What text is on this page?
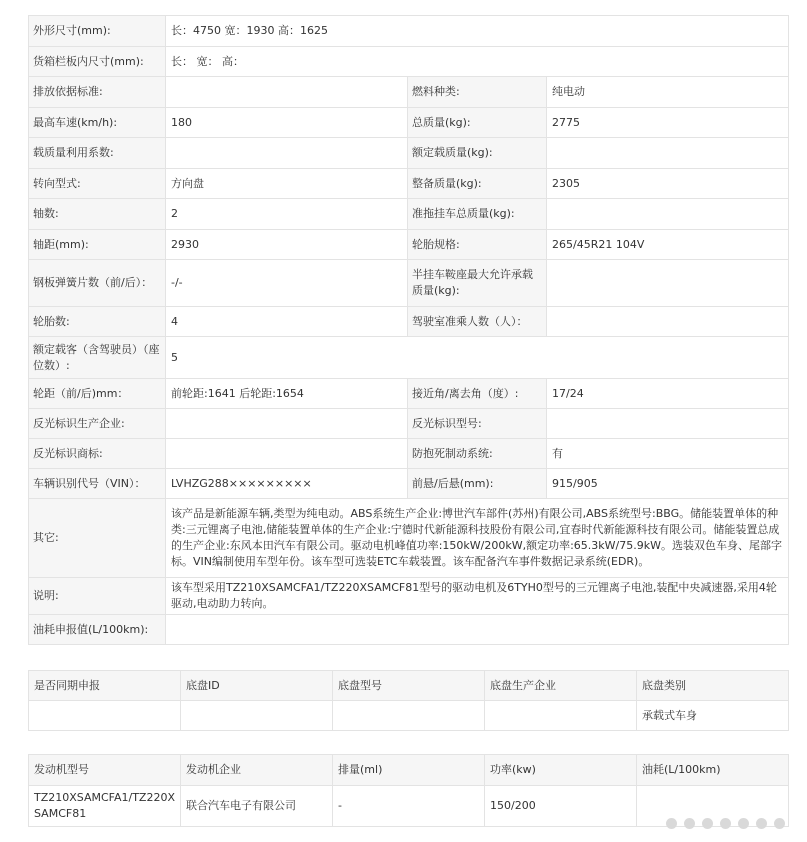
外形尺寸(mm):	长：4750 宽：1930 高：1625		
货箱栏板内尺寸(mm):	长： 宽： 高：		
排放依据标准:		燃料种类:	纯电动
最高车速(km/h):	180	总质量(kg):	2775
载质量利用系数:		额定载质量(kg):	
转向型式:	方向盘	整备质量(kg):	2305
轴数:	2	准拖挂车总质量(kg):	
轴距(mm):	2930	轮胎规格:	265/45R21 104V
钢板弹簧片数（前/后）：	-/-	半挂车鞍座最大允许承载质量(kg):	
轮胎数:	4	驾驶室准乘人数（人）：	
额定载客（含驾驶员）（座位数）:	5		
轮距（前/后)mm：	前轮距:1641 后轮距:1654	接近角/离去角（度）:	17/24
反光标识生产企业:		反光标识型号:	
反光标识商标:		防抱死制动系统:	有
车辆识别代号（VIN）：	LVHZG288×××××××××	前悬/后悬(mm):	915/905
其它:	该产品是新能源车辆,类型为纯电动。ABS系统生产企业:博世汽车部件(苏州)有限公司,ABS系统型号:BBG。储能装置单体的种类:三元锂离子电池,储能装置单体的生产企业:宁德时代新能源科技股份有限公司,宜春时代新能源科技有限公司。储能装置总成的生产企业:东风本田汽车有限公司。驱动电机峰值功率:150kW/200kW,额定功率:65.3kW/75.9kW。选装双色车身、尾部字标。VIN编制使用车型年份。该车型可选装ETC车载装置。该车配备汽车事件数据记录系统(EDR)。		
说明:	该车型采用TZ210XSAMCFA1/TZ220XSAMCF81型号的驱动电机及6TYH0型号的三元锂离子电池,装配中央减速器,采用4轮驱动,电动助力转向。		
油耗申报值(L/100km):			
是否同期申报	底盘ID	底盘型号	底盘生产企业	底盘类别
				承载式车身
发动机型号	发动机企业	排量(ml)	功率(kw)	油耗(L/100km)
TZ210XSAMCFA1/TZ220XSAMCF81	联合汽车电子有限公司	-	150/200	
